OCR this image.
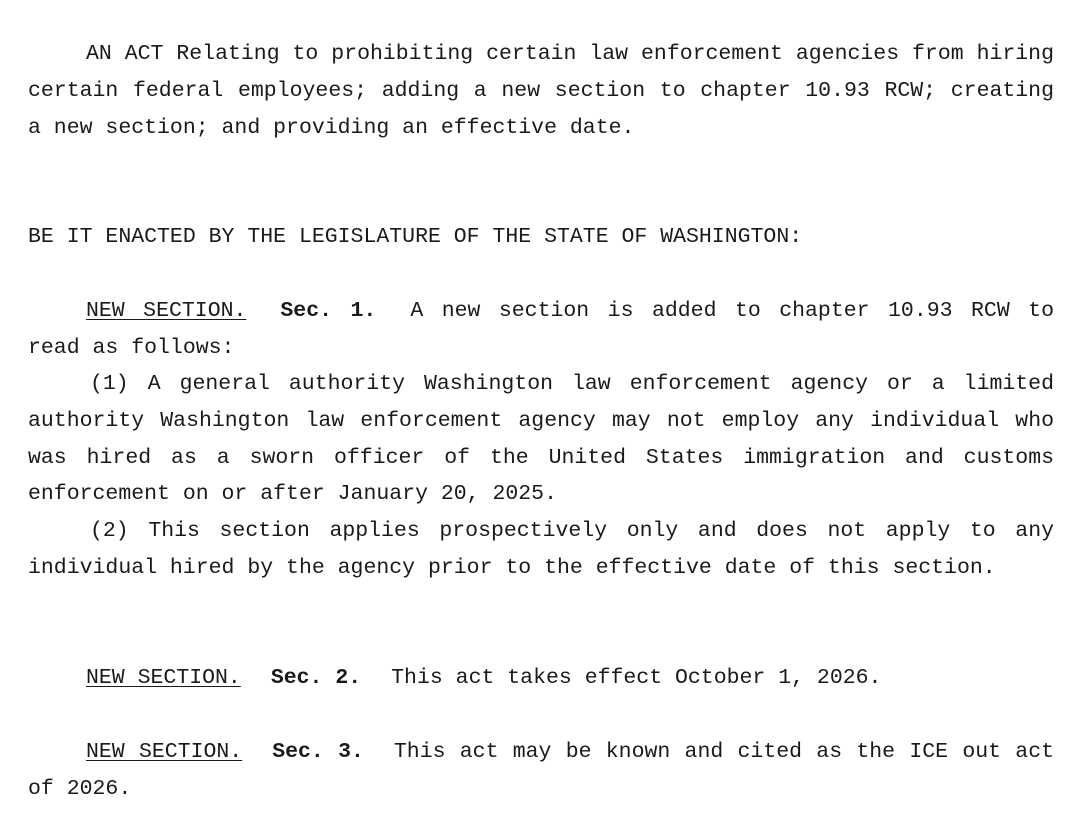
AN ACT Relating to prohibiting certain law enforcement agencies from hiring certain federal employees; adding a new section to chapter 10.93 RCW; creating a new section; and providing an effective date.

BE IT ENACTED BY THE LEGISLATURE OF THE STATE OF WASHINGTON:

NEW SECTION. Sec. 1. A new section is added to chapter 10.93 RCW to read as follows:

(1) A general authority Washington law enforcement agency or a limited authority Washington law enforcement agency may not employ any individual who was hired as a sworn officer of the United States immigration and customs enforcement on or after January 20, 2025.

(2) This section applies prospectively only and does not apply to any individual hired by the agency prior to the effective date of this section.

NEW SECTION. Sec. 2. This act takes effect October 1, 2026.

NEW SECTION. Sec. 3. This act may be known and cited as the ICE out act of 2026.
